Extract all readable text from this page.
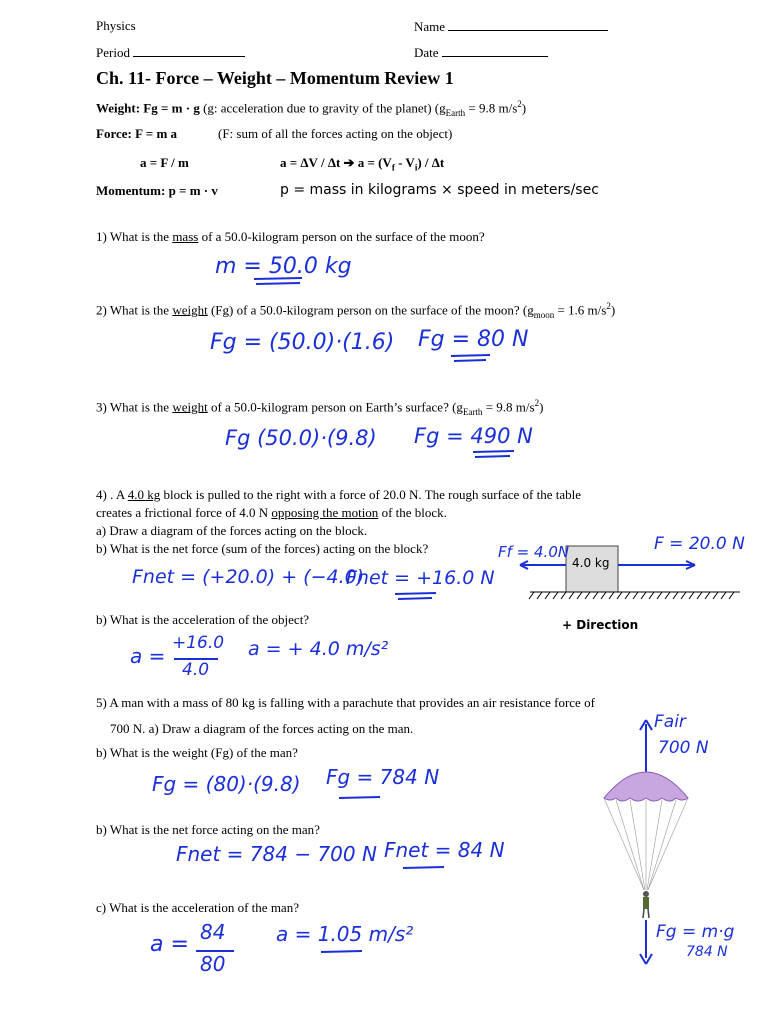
Physics	Name
Period	Date
Ch. 11- Force – Weight – Momentum Review 1
Weight: Fg = m · g (g: acceleration due to gravity of the planet) ($g_{Earth} = 9.8$ $m/s^2$)
Force: F = m a	(F: sum of all the forces acting on the object)
a = F / m	a = ΔV / Δt ➔ $a = (V_f - V_i) / \Delta t$
Momentum: p = m · v	p = mass in kilograms × speed in meters/sec
1) What is the mass of a 50.0-kilogram person on the surface of the moon?
m = 50.0 kg
2) What is the weight (Fg) of a 50.0-kilogram person on the surface of the moon? ($g_{moon} = 1.6$ $m/s^2$)
Fg = (50.0)·(1.6) Fg = 80 N
3) What is the weight of a 50.0-kilogram person on Earth’s surface? ($g_{Earth} = 9.8$ $m/s^2$)
Fg (50.0)·(9.8) Fg = 490 N
4) . A 4.0 kg block is pulled to the right with a force of 20.0 N. The rough surface of the table
creates a frictional force of 4.0 N opposing the motion of the block.
a) Draw a diagram of the forces acting on the block.
b) What is the net force (sum of the forces) acting on the block?
Fnet = (+20.0) + (−4.0)
Fnet = +16.0 N
4.0 kg
Ff = 4.0N	F = 20.0 N
+ Direction
b) What is the acceleration of the object?
a =
+16.0
4.0
a = + 4.0 m/s²
5) A man with a mass of 80 kg is falling with a parachute that provides an air resistance force of
700 N. a) Draw a diagram of the forces acting on the man.
b) What is the weight (Fg) of the man?
Fg = (80)·(9.8) Fg = 784 N
b) What is the net force acting on the man?
Fnet = 784 − 700 N Fnet = 84 N
c) What is the acceleration of the man?
a = 84
80
a = 1.05 m/s²
Fair
700 N
Fg = m·g
784 N
